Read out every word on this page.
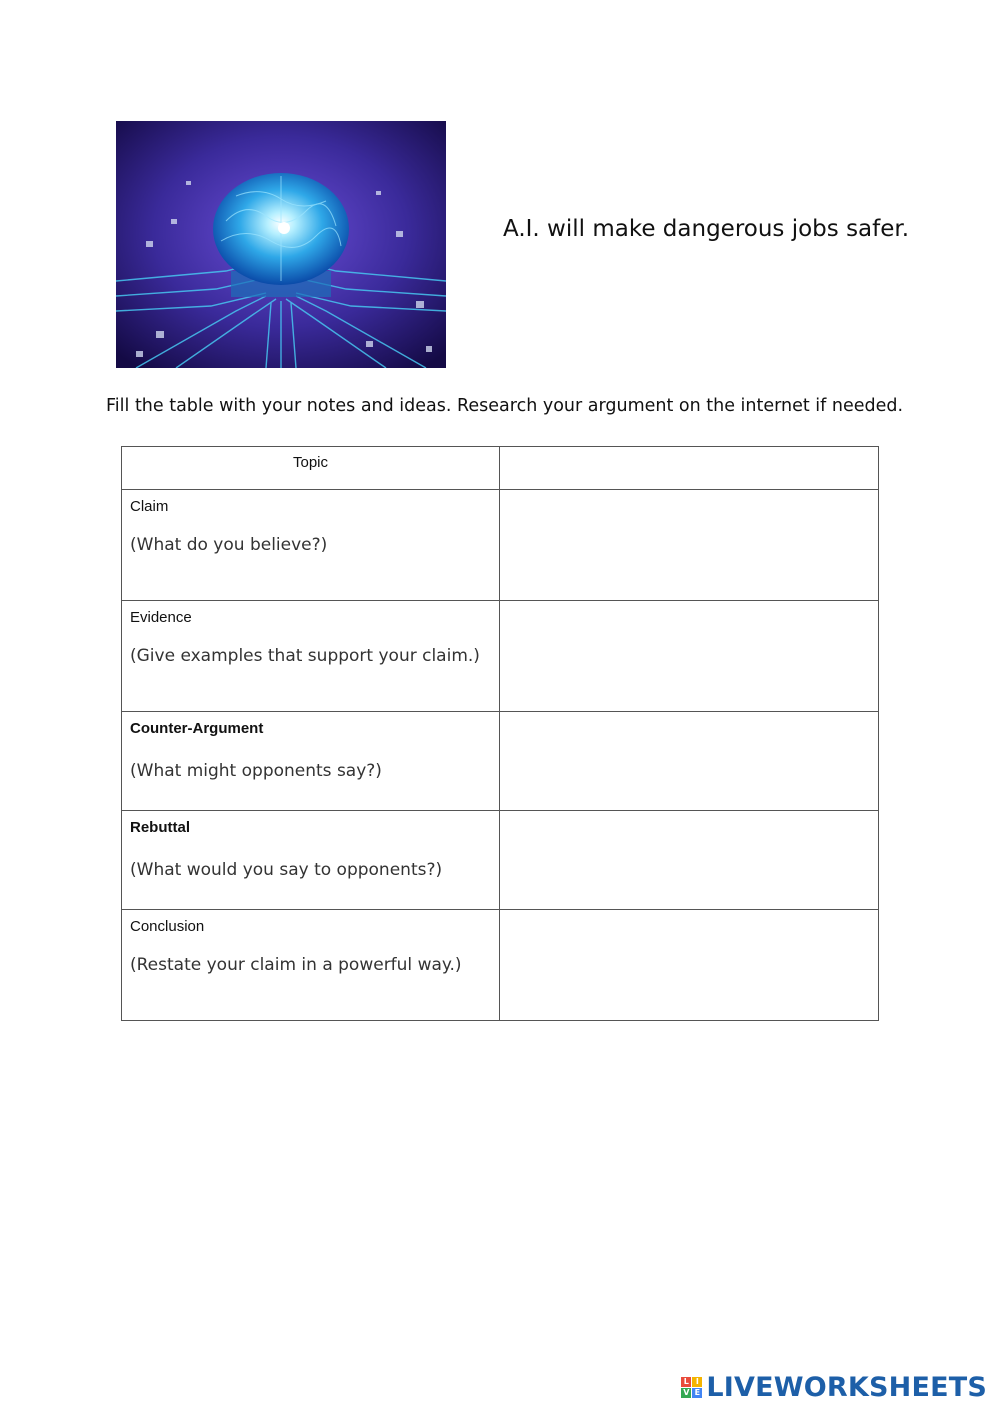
A.I. will make dangerous jobs safer.
Fill the table with your notes and ideas. Research your argument on the internet if needed.
Topic	

Claim
(What do you believe?)	

Evidence
(Give examples that support your claim.)	

Counter-Argument
(What might opponents say?)	

Rebuttal
(What would you say to opponents?)	

Conclusion
(Restate your claim in a powerful way.)	

L I
V E LIVEWORKSHEETS
